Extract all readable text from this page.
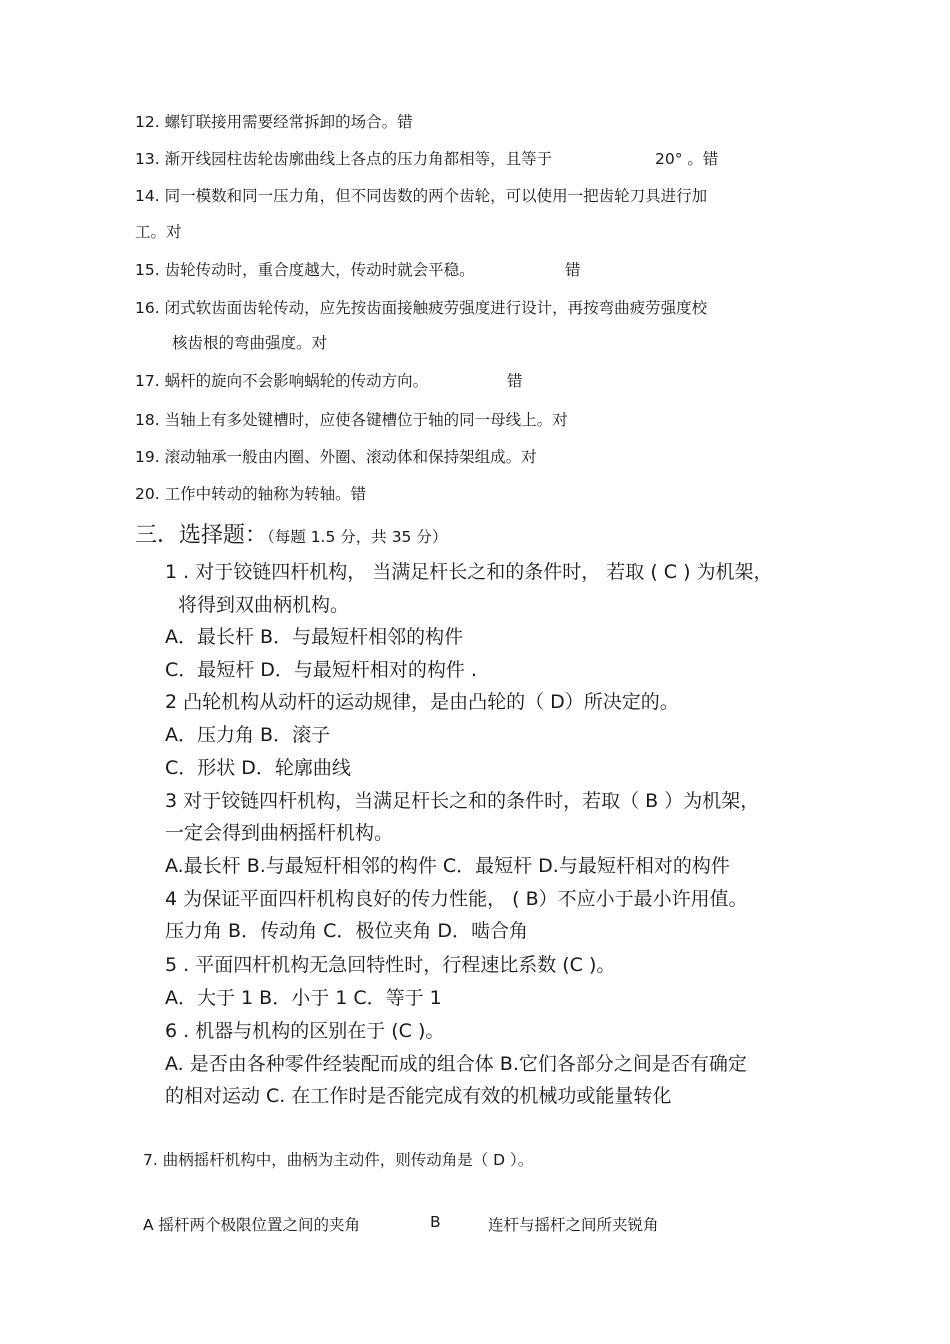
12. 螺钉联接用需要经常拆卸的场合。错
13. 渐开线园柱齿轮齿廓曲线上各点的压力角都相等，且等于	20° 。错
14. 同一模数和同一压力角，但不同齿数的两个齿轮，可以使用一把齿轮刀具进行加
工。对
15. 齿轮传动时，重合度越大，传动时就会平稳。	错
16. 闭式软齿面齿轮传动，应先按齿面接触疲劳强度进行设计，再按弯曲疲劳强度校
核齿根的弯曲强度。对
17. 蜗杆的旋向不会影响蜗轮的传动方向。	错
18. 当轴上有多处键槽时，应使各键槽位于轴的同一母线上。对
19. 滚动轴承一般由内圈、外圈、滚动体和保持架组成。对
20. 工作中转动的轴称为转轴。错
三．选择题：（每题 1.5 分，共 35 分）
1 . 对于铰链四杆机构， 当满足杆长之和的条件时， 若取 ( C ) 为机架，
将得到双曲柄机构。
A．最长杆 B．与最短杆相邻的构件
C．最短杆 D．与最短杆相对的构件 .
2 凸轮机构从动杆的运动规律，是由凸轮的（ D）所决定的。
A．压力角 B．滚子
C．形状 D．轮廓曲线
3 对于铰链四杆机构，当满足杆长之和的条件时，若取（ B ）为机架，
一定会得到曲柄摇杆机构。
A.最长杆 B.与最短杆相邻的构件 C．最短杆 D.与最短杆相对的构件
4 为保证平面四杆机构良好的传力性能， ( B）不应小于最小许用值。
压力角 B．传动角 C．极位夹角 D．啮合角
5 . 平面四杆机构无急回特性时，行程速比系数 (C )。
A．大于 1 B．小于 1 C．等于 1
6 . 机器与机构的区别在于 (C )。
A. 是否由各种零件经装配而成的组合体 B.它们各部分之间是否有确定
的相对运动 C. 在工作时是否能完成有效的机械功或能量转化
7. 曲柄摇杆机构中，曲柄为主动件，则传动角是（ D ）。
A 摇杆两个极限位置之间的夹角	B	连杆与摇杆之间所夹锐角
